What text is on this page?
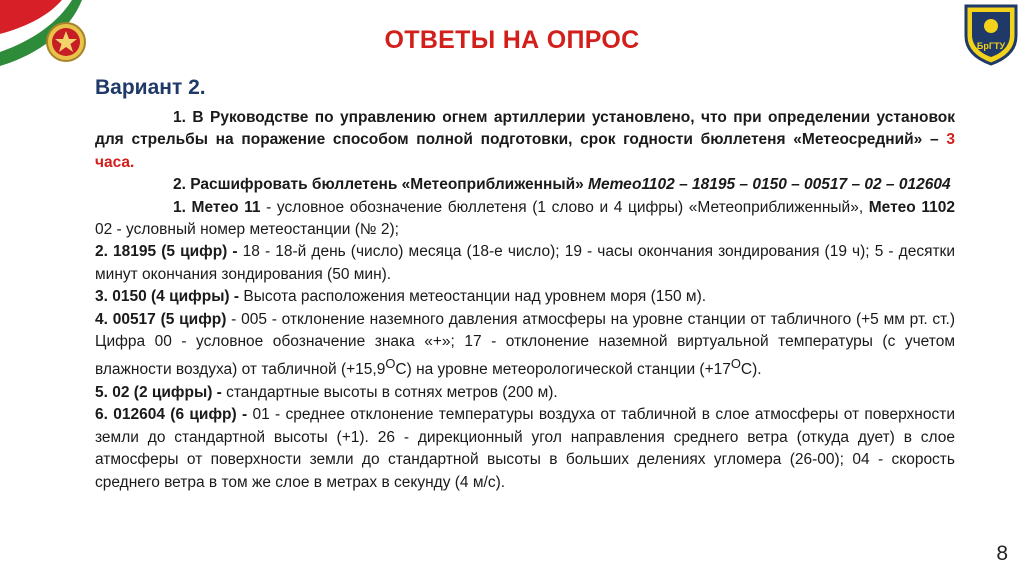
БрГТУ
ОТВЕТЫ НА ОПРОС
Вариант 2.

1. В Руководстве по управлению огнем артиллерии установлено, что при определении установок для стрельбы на поражение способом полной подготовки, срок годности бюллетеня «Метеосредний» – 3 часа.

2. Расшифровать бюллетень «Метеоприближенный» Метео1102 – 18195 – 0150 – 00517 – 02 – 012604

1. Метео 11 - условное обозначение бюллетеня (1 слово и 4 цифры) «Метеоприближенный», Метео 1102 02 - условный номер метеостанции (№ 2);

2. 18195 (5 цифр) - 18 - 18-й день (число) месяца (18-е число); 19 - часы окончания зондирования (19 ч); 5 - десятки минут окончания зондирования (50 мин).

3. 0150 (4 цифры) - Высота расположения метеостанции над уровнем моря (150 м).

4. 00517 (5 цифр) - 005 - отклонение наземного давления атмосферы на уровне станции от табличного (+5 мм рт. ст.) Цифра 00 - условное обозначение знака «+»; 17 - отклонение наземной виртуальной температуры (с учетом влажности воздуха) от табличной $(+15,9^ОС)$ на уровне метеорологической станции $(+17^ОС)$.

5. 02 (2 цифры) - стандартные высоты в сотнях метров (200 м).

6. 012604 (6 цифр) - 01 - среднее отклонение температуры воздуха от табличной в слое атмосферы от поверхности земли до стандартной высоты (+1). 26 - дирекционный угол направления среднего ветра (откуда дует) в слое атмосферы от поверхности земли до стандартной высоты в больших делениях угломера (26-00); 04 - скорость среднего ветра в том же слое в метрах в секунду (4 м/с).

8
